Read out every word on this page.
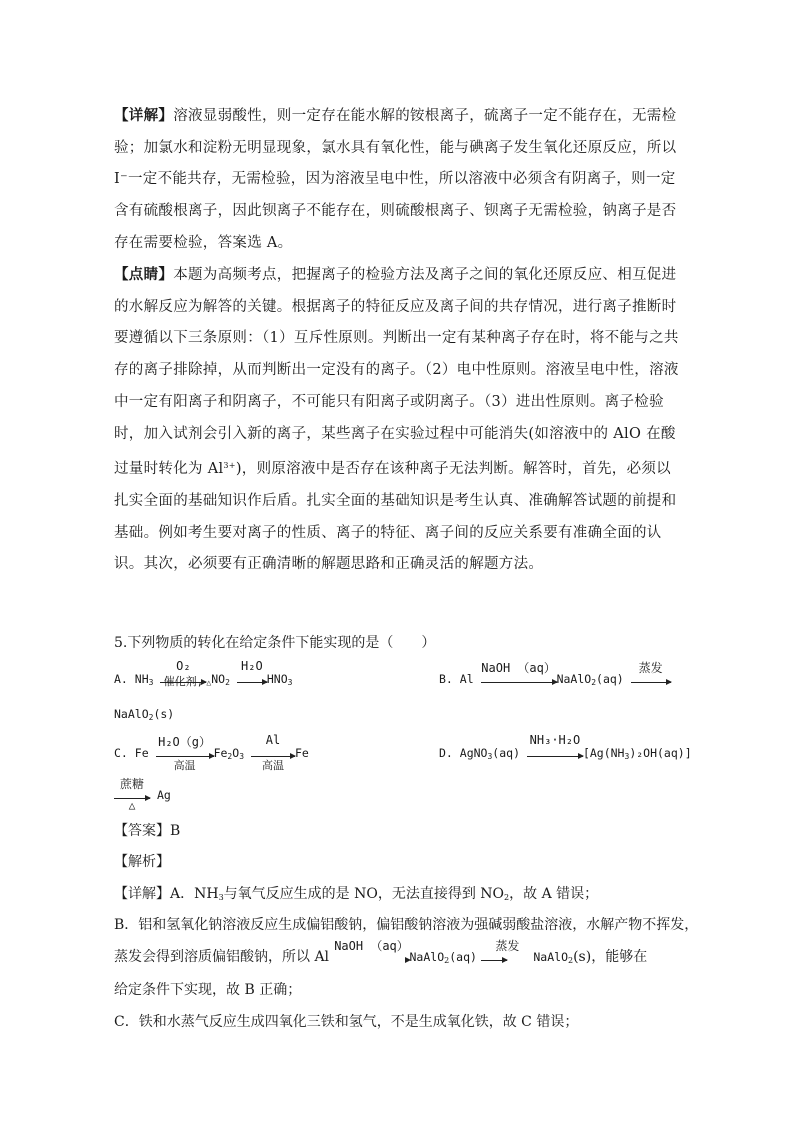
【详解】溶液显弱酸性，则一定存在能水解的铵根离子，硫离子一定不能存在，无需检验；加氯水和淀粉无明显现象，氯水具有氧化性，能与碘离子发生氧化还原反应，所以 I⁻一定不能共存，无需检验，因为溶液呈电中性，所以溶液中必须含有阴离子，则一定含有硫酸根离子，因此钡离子不能存在，则硫酸根离子、钡离子无需检验，钠离子是否存在需要检验，答案选 A。
【点睛】本题为高频考点，把握离子的检验方法及离子之间的氧化还原反应、相互促进的水解反应为解答的关键。根据离子的特征反应及离子间的共存情况，进行离子推断时要遵循以下三条原则：（1）互斥性原则。判断出一定有某种离子存在时，将不能与之共存的离子排除掉，从而判断出一定没有的离子。（2）电中性原则。溶液呈电中性，溶液中一定有阳离子和阴离子，不可能只有阳离子或阴离子。（3）进出性原则。离子检验时，加入试剂会引入新的离子，某些离子在实验过程中可能消失(如溶液中的 AlO 在酸过量时转化为 $Al^{3+}$)，则原溶液中是否存在该种离子无法判断。解答时，首先，必须以扎实全面的基础知识作后盾。扎实全面的基础知识是考生认真、准确解答试题的前提和基础。例如考生要对离子的性质、离子的特征、离子间的反应关系要有准确全面的认识。其次，必须要有正确清晰的解题思路和正确灵活的解题方法。
5.下列物质的转化在给定条件下能实现的是（　　）
A. $NH_3$
O₂
催化剂, $_\triangle NO_2$
H₂O
$HNO_3$	B. Al
NaOH （aq）
NaAlO$_2$(aq)
蒸发
NaAlO$_2$(s)
C. Fe
H₂O（g）
高温
$Fe_2O_3$
Al
高温
Fe	D. AgNO$_3$(aq)
NH₃·H₂O
$[Ag(NH_3)_2OH(aq)]$
蔗糖
△
Ag
【答案】B
【解析】
【详解】A．$NH_3$与氧气反应生成的是 NO，无法直接得到 $NO_2$，故 A 错误；
B．铝和氢氧化钠溶液反应生成偏铝酸钠，偏铝酸钠溶液为强碱弱酸盐溶液，水解产物不挥发，
蒸发会得到溶质偏铝酸钠，所以 Al
NaOH （aq）
NaAlO$_2$(aq)
蒸发
NaAlO$_2$(s)，能够在
给定条件下实现，故 B 正确；
C．铁和水蒸气反应生成四氧化三铁和氢气，不是生成氧化铁，故 C 错误；
